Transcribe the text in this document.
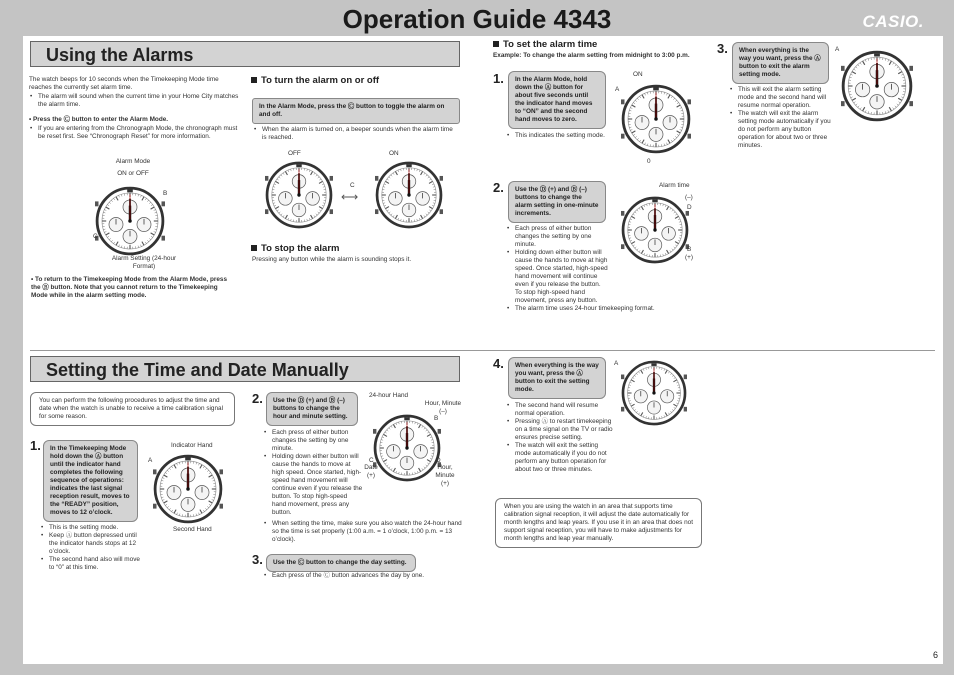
Operation Guide 4343	CASIO.
Using the Alarms
The watch beeps for 10 seconds when the Timekeeping Mode time reaches the currently set alarm time.
• The alarm will sound when the current time in your Home City matches the alarm time.
• Press the Ⓒ button to enter the Alarm Mode.
• If you are entering from the Chronograph Mode, the chronograph must be reset first. See “Chronograph Reset” for more information.
Alarm Mode
ON or OFF
B
C
Alarm Setting (24-hour Format)
• To return to the Timekeeping Mode from the Alarm Mode, press the Ⓑ button. Note that you cannot return to the Timekeeping Mode while in the alarm setting mode.
To turn the alarm on or off
In the Alarm Mode, press the Ⓒ button to toggle the alarm on and off.
• When the alarm is turned on, a beeper sounds when the alarm time is reached.
OFF	ON
⟷
C
To stop the alarm
Pressing any button while the alarm is sounding stops it.
To set the alarm time
Example: To change the alarm setting from midnight to 3:00 p.m.
1.	In the Alarm Mode, hold down the Ⓐ button for about five seconds until the indicator hand moves to “ON” and the second hand moves to zero.
• This indicates the setting mode.
ON
A
0
2.	Use the Ⓓ (+) and Ⓑ (–) buttons to change the alarm setting in one-minute increments.
• Each press of either button changes the setting by one minute.
• Holding down either button will cause the hands to move at high speed. Once started, high-speed hand movement will continue even if you release the button. To stop high-speed hand movement, press any button.
• The alarm time uses 24-hour timekeeping format.
Alarm time
(–)
D
B
(+)
3.	When everything is the way you want, press the Ⓐ button to exit the alarm setting mode.
• This will exit the alarm setting mode and the second hand will resume normal operation.
• The watch will exit the alarm setting mode automatically if you do not perform any button operation for about two or three minutes.
A
Setting the Time and Date Manually
You can perform the following procedures to adjust the time and date when the watch is unable to receive a time calibration signal for some reason.
1.	In the Timekeeping Mode hold down the Ⓐ button until the indicator hand completes the following sequence of operations: indicates the last signal reception result, moves to the “READY” position, moves to 12 o’clock.
Indicator Hand
A
Second Hand
• This is the setting mode.
• Keep Ⓐ button depressed until the indicator hands stops at 12 o’clock.
• The second hand also will move to “0” at this time.
2.	Use the Ⓓ (+) and Ⓑ (–) buttons to change the hour and minute setting.
• Each press of either button changes the setting by one minute.
• Holding down either button will cause the hands to move at high speed. Once started, high-speed hand movement will continue even if you release the button. To stop high-speed hand movement, press any button.
• When setting the time, make sure you also watch the 24-hour hand so the time is set properly (1:00 a.m. = 1 o’clock, 1:00 p.m. = 13 o’clock).
24-hour Hand
Hour, Minute (–)
B
C
Date (+)
D
Hour, Minute (+)
3.	Use the Ⓒ button to change the day setting.
• Each press of the Ⓒ button advances the day by one.
4.	When everything is the way you want, press the Ⓐ button to exit the setting mode.
• The second hand will resume normal operation.
• Pressing Ⓐ to restart timekeeping on a time signal on the TV or radio ensures precise setting.
• The watch will exit the setting mode automatically if you do not perform any button operation for about two or three minutes.
A
When you are using the watch in an area that supports time calibration signal reception, it will adjust the date automatically for month lengths and leap years. If you use it in an area that does not support signal reception, you will have to make adjustments for month lengths and leap year manually.
6
